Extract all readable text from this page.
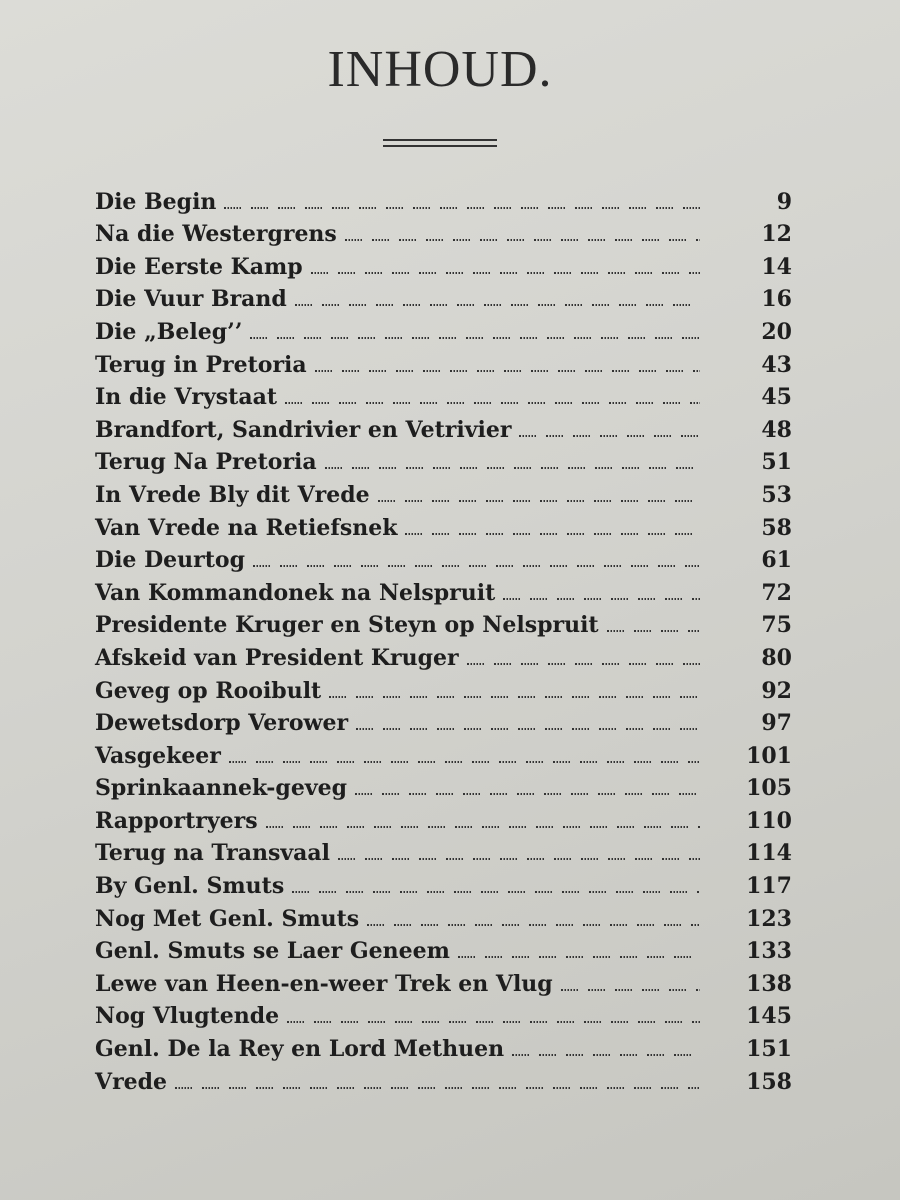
INHOUD.
Die Begin	9
Na die Westergrens	12
Die Eerste Kamp	14
Die Vuur Brand	16
Die „Beleg’’	20
Terug in Pretoria	43
In die Vrystaat	45
Brandfort, Sandrivier en Vetrivier	48
Terug Na Pretoria	51
In Vrede Bly dit Vrede	53
Van Vrede na Retiefsnek	58
Die Deurtog	61
Van Kommandonek na Nelspruit	72
Presidente Kruger en Steyn op Nelspruit	75
Afskeid van President Kruger	80
Geveg op Rooibult	92
Dewetsdorp Verower	97
Vasgekeer	101
Sprinkaannek-geveg	105
Rapportryers	110
Terug na Transvaal	114
By Genl. Smuts	117
Nog Met Genl. Smuts	123
Genl. Smuts se Laer Geneem	133
Lewe van Heen-en-weer Trek en Vlug	138
Nog Vlugtende	145
Genl. De la Rey en Lord Methuen	151
Vrede	158
